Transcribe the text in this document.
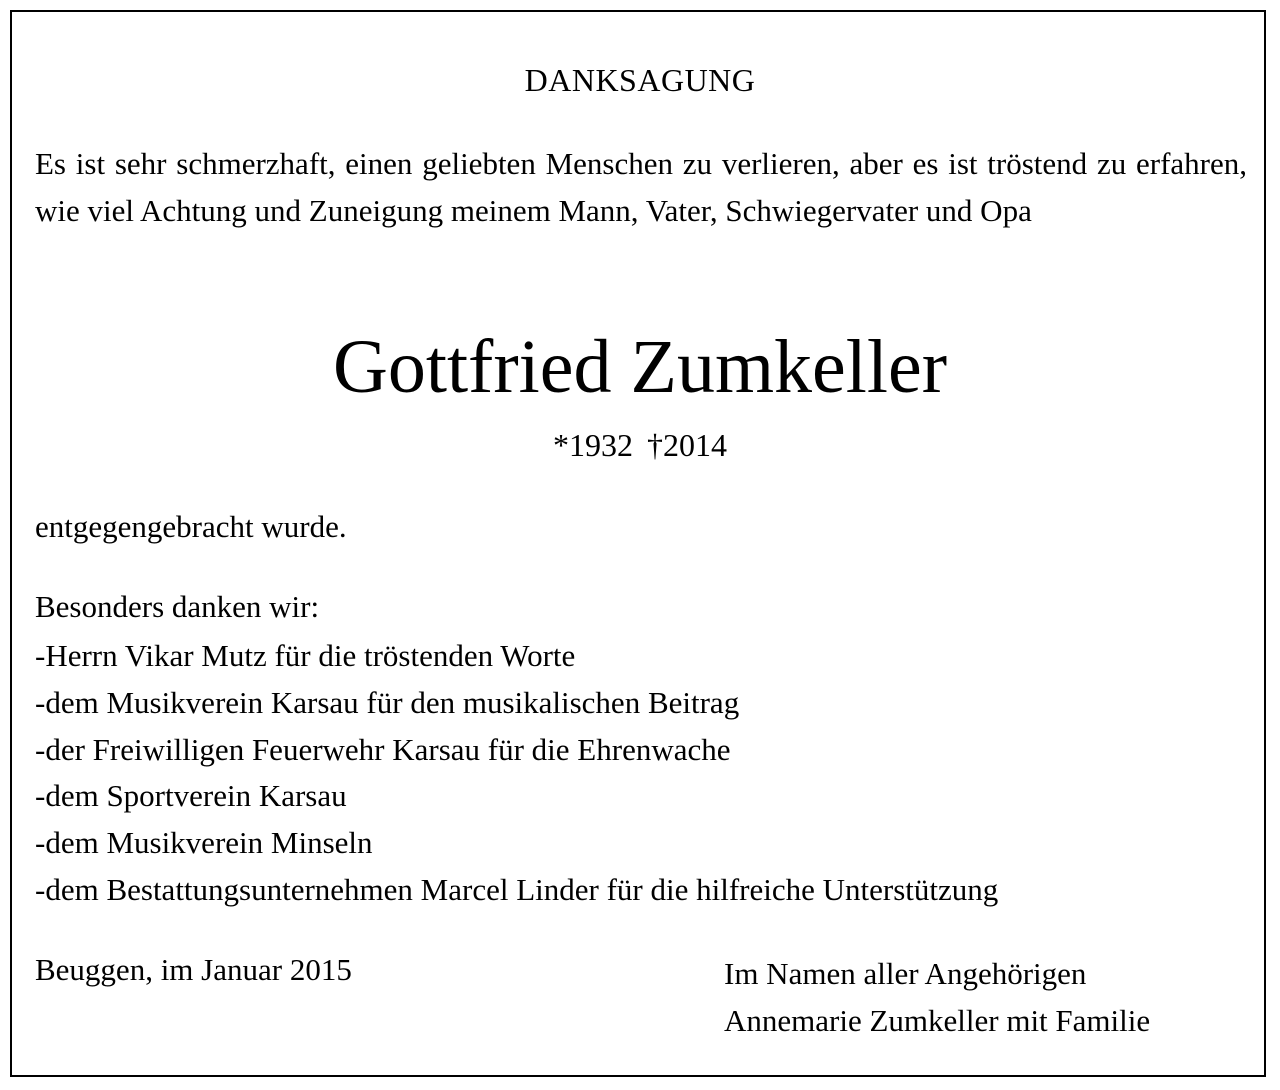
DANKSAGUNG

Es ist sehr schmerzhaft, einen geliebten Menschen zu verlieren, aber es ist tröstend zu erfahren, wie viel Achtung und Zuneigung meinem Mann, Vater, Schwiegervater und Opa

Gottfried Zumkeller
*1932 †2014
entgegengebracht wurde.
Besonders danken wir:
-Herrn Vikar Mutz für die tröstenden Worte
-dem Musikverein Karsau für den musikalischen Beitrag
-der Freiwilligen Feuerwehr Karsau für die Ehrenwache
-dem Sportverein Karsau
-dem Musikverein Minseln
-dem Bestattungsunternehmen Marcel Linder für die hilfreiche Unterstützung
Beuggen, im Januar 2015	Im Namen aller Angehörigen
Annemarie Zumkeller mit Familie
